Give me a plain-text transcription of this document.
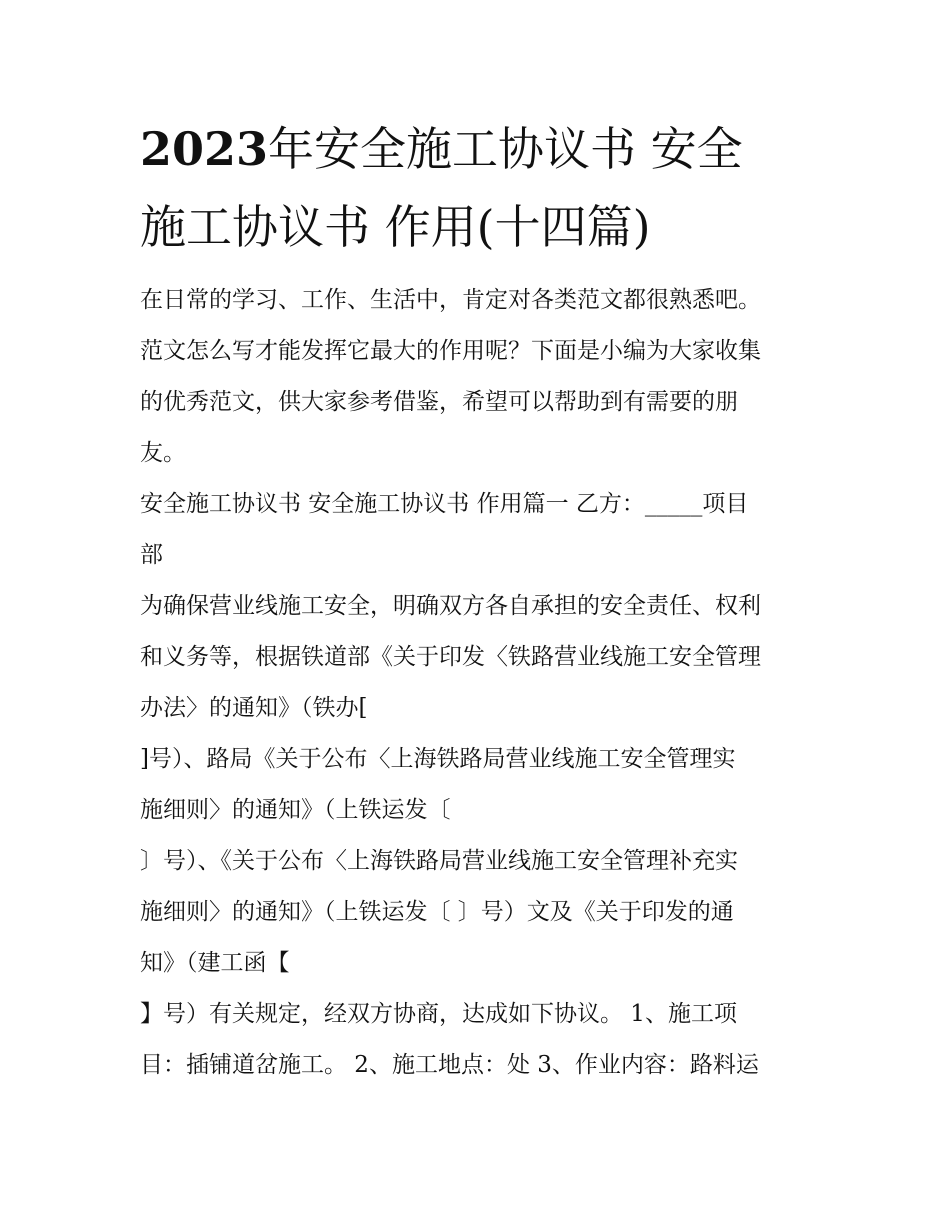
2023年安全施工协议书 安全
施工协议书 作用(十四篇)
在日常的学习、工作、生活中，肯定对各类范文都很熟悉吧。
范文怎么写才能发挥它最大的作用呢？下面是小编为大家收集
的优秀范文，供大家参考借鉴，希望可以帮助到有需要的朋
友。
安全施工协议书 安全施工协议书 作用篇一 乙方：_____项目
部
为确保营业线施工安全，明确双方各自承担的安全责任、权利
和义务等，根据铁道部《关于印发〈铁路营业线施工安全管理
办法〉的通知》（铁办[
]号）、路局《关于公布〈上海铁路局营业线施工安全管理实
施细则〉的通知》（上铁运发〔
〕号）、《关于公布〈上海铁路局营业线施工安全管理补充实
施细则〉的通知》（上铁运发〔 〕号）文及《关于印发的通
知》（建工函【
】号）有关规定，经双方协商，达成如下协议。 1、施工项
目：插铺道岔施工。 2、施工地点：处 3、作业内容：路料运
